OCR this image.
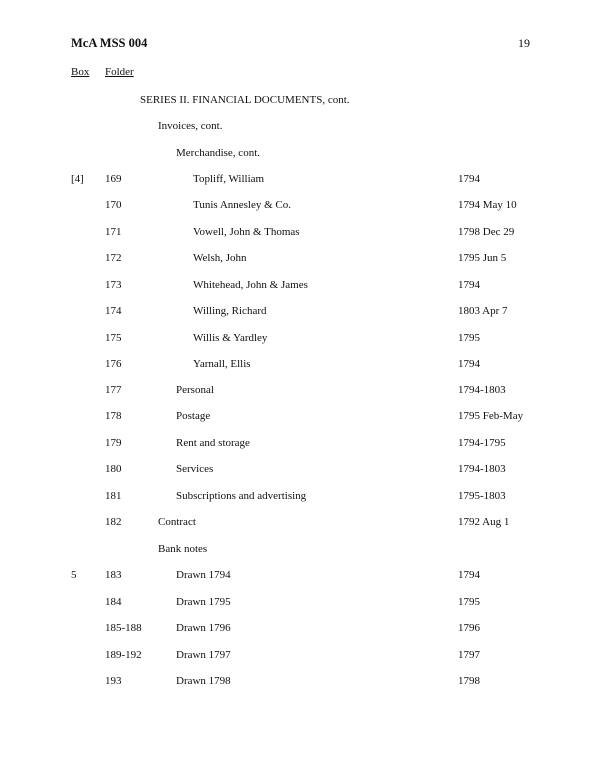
McA MSS 004	19
Box Folder
SERIES II. FINANCIAL DOCUMENTS, cont.
Invoices, cont.
Merchandise, cont.
[4] 169	Topliff, William	1794
170	Tunis Annesley & Co.	1794 May 10
171	Vowell, John & Thomas	1798 Dec 29
172	Welsh, John	1795 Jun 5
173	Whitehead, John & James	1794
174	Willing, Richard	1803 Apr 7
175	Willis & Yardley	1795
176	Yarnall, Ellis	1794
177	Personal	1794-1803
178	Postage	1795 Feb-May
179	Rent and storage	1794-1795
180	Services	1794-1803
181	Subscriptions and advertising	1795-1803
182	Contract	1792 Aug 1
Bank notes
5	183	Drawn 1794	1794
184	Drawn 1795	1795
185-188	Drawn 1796	1796
189-192	Drawn 1797	1797
193	Drawn 1798	1798
